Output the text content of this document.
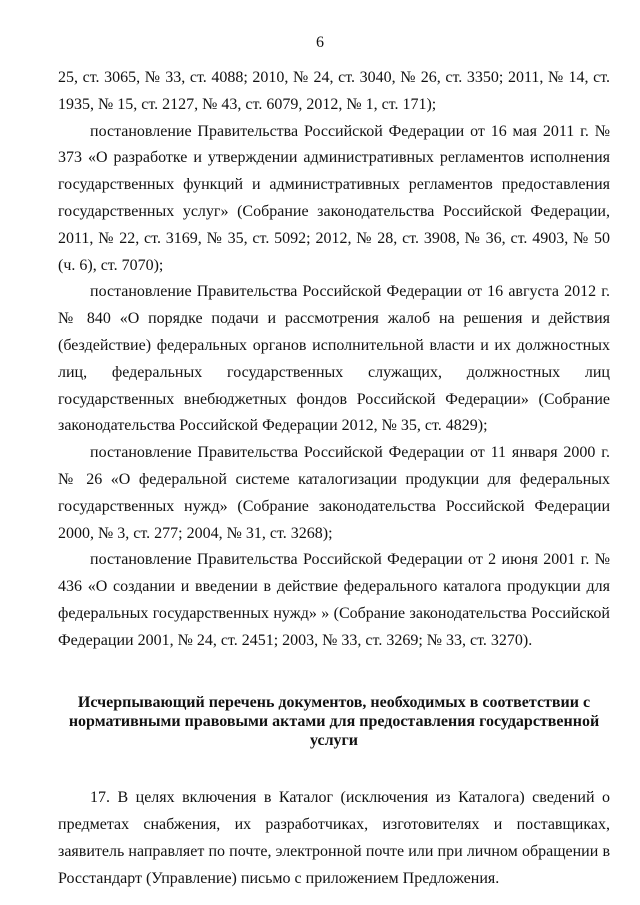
6

25, ст. 3065, № 33, ст. 4088; 2010, № 24, ст. 3040, № 26, ст. 3350; 2011, № 14, ст. 1935, № 15, ст. 2127, № 43, ст. 6079, 2012, № 1, ст. 171);

постановление Правительства Российской Федерации от 16 мая 2011 г. № 373 «О разработке и утверждении административных регламентов исполнения государственных функций и административных регламентов предоставления государственных услуг» (Собрание законодательства Российской Федерации, 2011, № 22, ст. 3169, № 35, ст. 5092; 2012, № 28, ст. 3908, № 36, ст. 4903, № 50 (ч. 6), ст. 7070);

постановление Правительства Российской Федерации от 16 августа 2012 г. № 840 «О порядке подачи и рассмотрения жалоб на решения и действия (бездействие) федеральных органов исполнительной власти и их должностных лиц, федеральных государственных служащих, должностных лиц государственных внебюджетных фондов Российской Федерации» (Собрание законодательства Российской Федерации 2012, № 35, ст. 4829);

постановление Правительства Российской Федерации от 11 января 2000 г. № 26 «О федеральной системе каталогизации продукции для федеральных государственных нужд» (Собрание законодательства Российской Федерации 2000, № 3, ст. 277; 2004, № 31, ст. 3268);

постановление Правительства Российской Федерации от 2 июня 2001 г. № 436 «О создании и введении в действие федерального каталога продукции для федеральных государственных нужд» » (Собрание законодательства Российской Федерации 2001, № 24, ст. 2451; 2003, № 33, ст. 3269; № 33, ст. 3270).

Исчерпывающий перечень документов, необходимых в соответствии с нормативными правовыми актами для предоставления государственной услуги

17. В целях включения в Каталог (исключения из Каталога) сведений о предметах снабжения, их разработчиках, изготовителях и поставщиках, заявитель направляет по почте, электронной почте или при личном обращении в Росстандарт (Управление) письмо с приложением Предложения.
